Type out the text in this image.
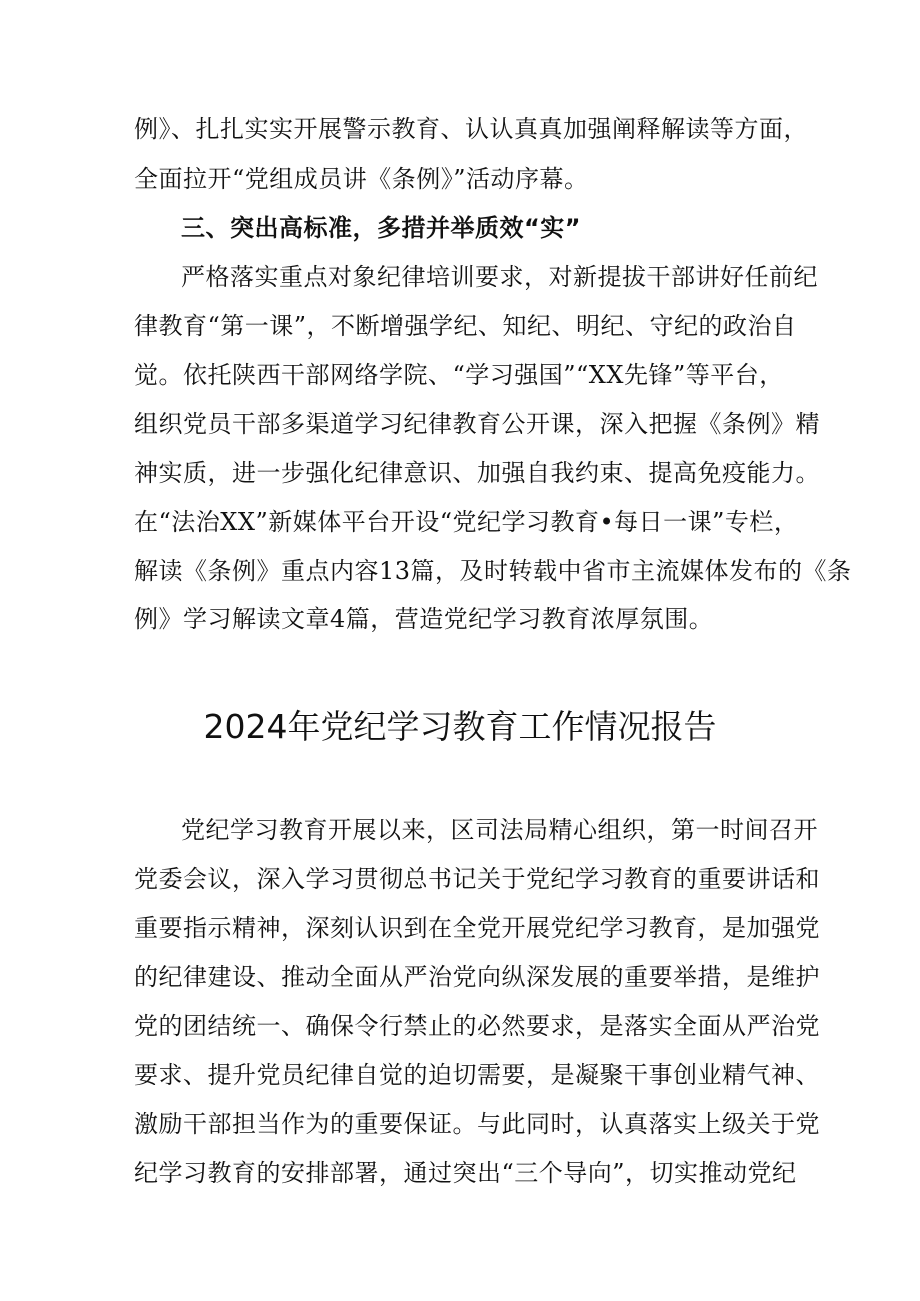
例》、扎扎实实开展警示教育、认认真真加强阐释解读等方面，
全面拉开“党组成员讲《条例》”活动序幕。
三、突出高标准，多措并举质效“实”
严格落实重点对象纪律培训要求，对新提拔干部讲好任前纪
律教育“第一课”，不断增强学纪、知纪、明纪、守纪的政治自
觉。依托陕西干部网络学院、“学习强国”“XX先锋”等平台，
组织党员干部多渠道学习纪律教育公开课，深入把握《条例》精
神实质，进一步强化纪律意识、加强自我约束、提高免疫能力。
在“法治XX”新媒体平台开设“党纪学习教育•每日一课”专栏，
解读《条例》重点内容13篇，及时转载中省市主流媒体发布的《条
例》学习解读文章4篇，营造党纪学习教育浓厚氛围。
2024年党纪学习教育工作情况报告
党纪学习教育开展以来，区司法局精心组织，第一时间召开
党委会议，深入学习贯彻总书记关于党纪学习教育的重要讲话和
重要指示精神，深刻认识到在全党开展党纪学习教育，是加强党
的纪律建设、推动全面从严治党向纵深发展的重要举措，是维护
党的团结统一、确保令行禁止的必然要求，是落实全面从严治党
要求、提升党员纪律自觉的迫切需要，是凝聚干事创业精气神、
激励干部担当作为的重要保证。与此同时，认真落实上级关于党
纪学习教育的安排部署，通过突出“三个导向”，切实推动党纪
